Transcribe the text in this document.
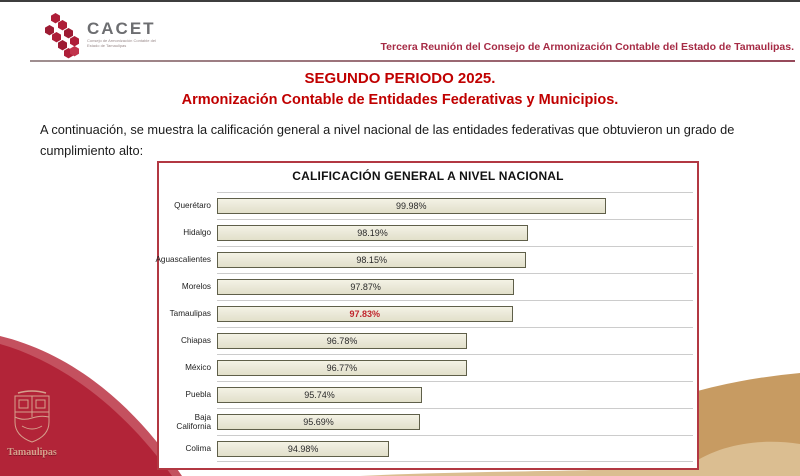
CACET
Consejo de Armonización Contable del Estado de Tamaulipas	Tercera Reunión del Consejo de Armonización Contable del Estado de Tamaulipas.
SEGUNDO PERIODO 2025.
Armonización Contable de Entidades Federativas y Municipios.
A continuación, se muestra la calificación general a nivel nacional de las entidades federativas que obtuvieron un grado de cumplimiento alto:
Tamaulipas
CALIFICACIÓN GENERAL A NIVEL NACIONAL
Querétaro	99.98%
Hidalgo	98.19%
Aguascalientes	98.15%
Morelos	97.87%
Tamaulipas	97.83%
Chiapas	96.78%
México	96.77%
Puebla	95.74%
Baja California	95.69%
Colima	94.98%
